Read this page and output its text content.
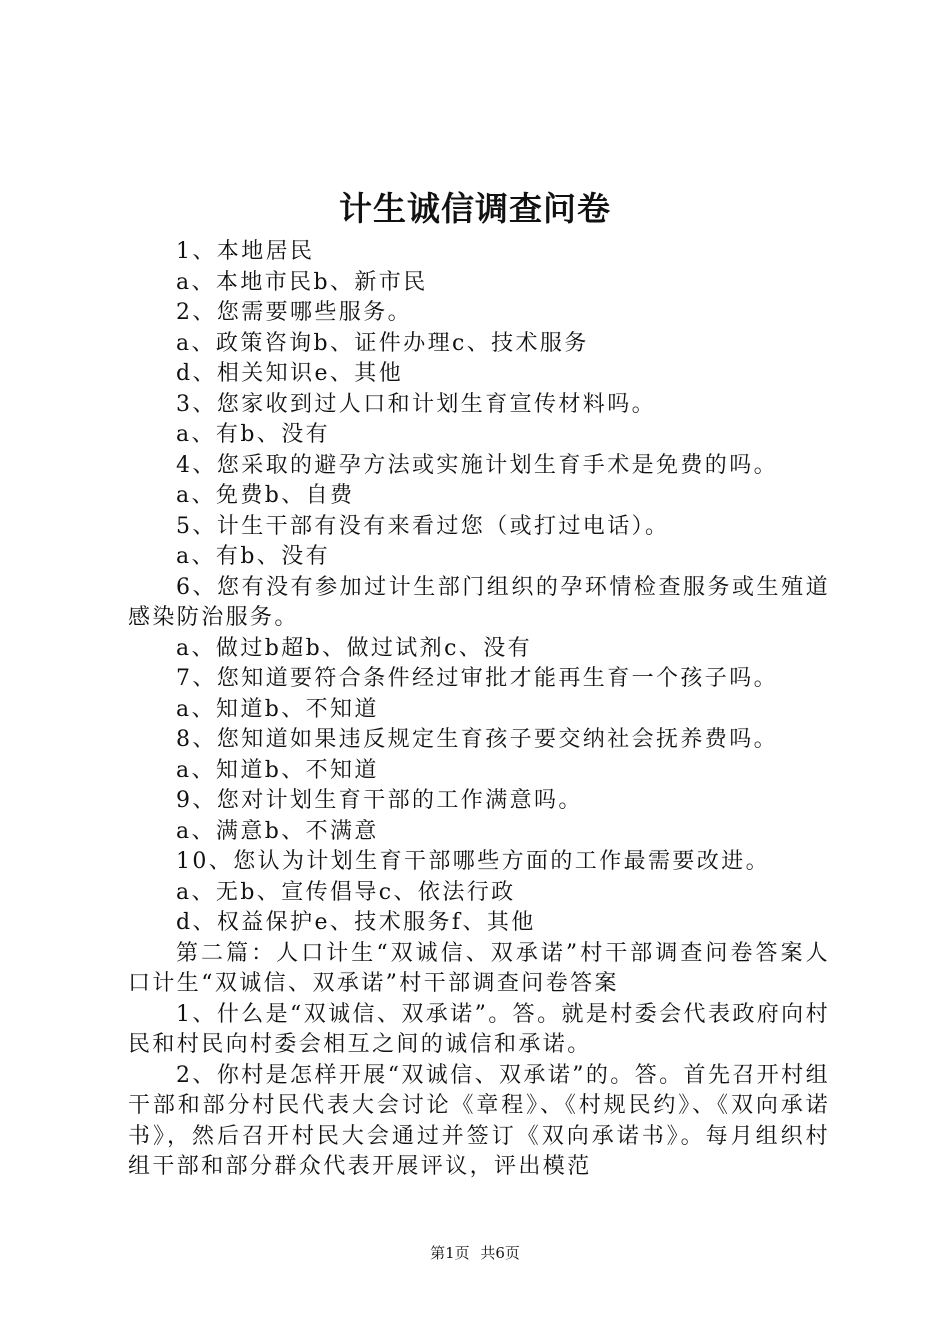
计生诚信调查问卷

1、本地居民

a、本地市民b、新市民

2、您需要哪些服务。

a、政策咨询b、证件办理c、技术服务

d、相关知识e、其他

3、您家收到过人口和计划生育宣传材料吗。

a、有b、没有

4、您采取的避孕方法或实施计划生育手术是免费的吗。

a、免费b、自费

5、计生干部有没有来看过您（或打过电话）。

a、有b、没有

6、您有没有参加过计生部门组织的孕环情检查服务或生殖道感染防治服务。

a、做过b超b、做过试剂c、没有

7、您知道要符合条件经过审批才能再生育一个孩子吗。

a、知道b、不知道

8、您知道如果违反规定生育孩子要交纳社会抚养费吗。

a、知道b、不知道

9、您对计划生育干部的工作满意吗。

a、满意b、不满意

10、您认为计划生育干部哪些方面的工作最需要改进。

a、无b、宣传倡导c、依法行政

d、权益保护e、技术服务f、其他

第二篇：人口计生“双诚信、双承诺”村干部调查问卷答案人口计生“双诚信、双承诺”村干部调查问卷答案

1、什么是“双诚信、双承诺”。答。就是村委会代表政府向村民和村民向村委会相互之间的诚信和承诺。

2、你村是怎样开展“双诚信、双承诺”的。答。首先召开村组干部和部分村民代表大会讨论《章程》、《村规民约》、《双向承诺书》，然后召开村民大会通过并签订《双向承诺书》。每月组织村组干部和部分群众代表开展评议，评出模范

第1页 共6页
